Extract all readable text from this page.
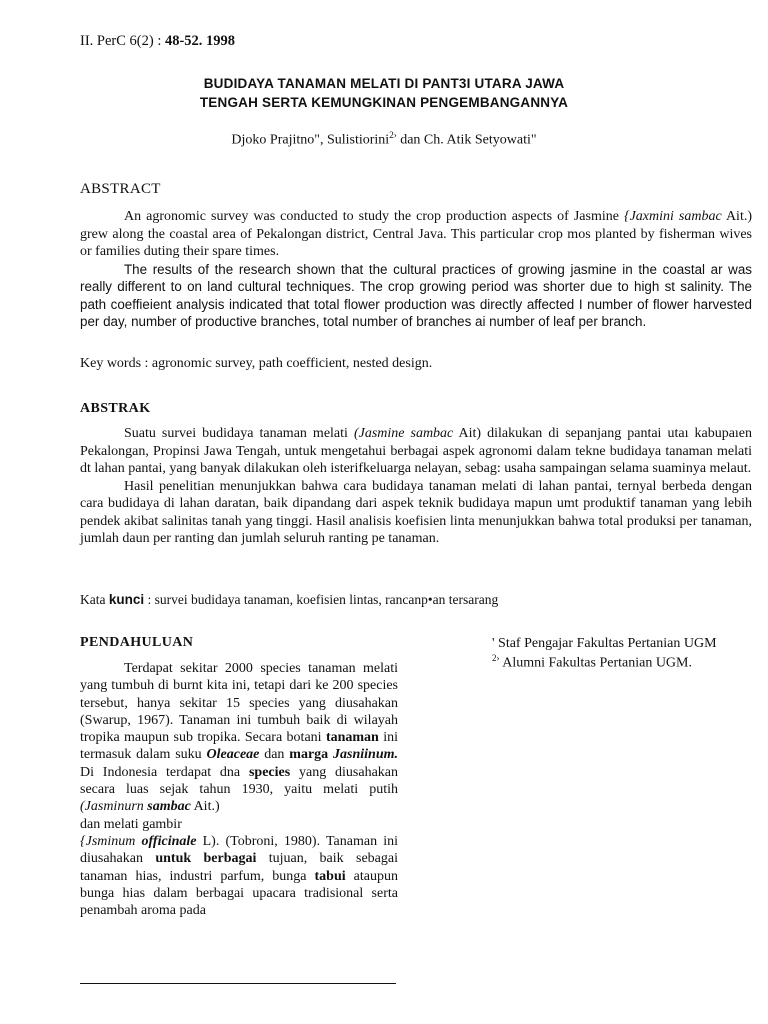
II. PerC 6(2) : 48-52. 1998
BUDIDAYA TANAMAN MELATI DI PANT3I UTARA JAWA
TENGAH SERTA KEMUNGKINAN PENGEMBANGANNYA
Djoko Prajitno", Sulistiorini$^{2›}$ dan Ch. Atik Setyowati"
ABSTRACT

An agronomic survey was conducted to study the crop production aspects of Jasmine {Jaxmini sambac Ait.) grew along the coastal area of Pekalongan district, Central Java. This particular crop mos planted by fisherman wives or families duting their spare times.

The results of the research shown that the cultural practices of growing jasmine in the coastal ar was really different to on land cultural techniques. The crop growing period was shorter due to high st salinity. The path coeffieient analysis indicated that total flower production was directly affected I number of flower harvested per day, number of productive branches, total number of branches ai number of leaf per branch.

Key words : agronomic survey, path coefficient, nested design.
ABSTRAK

Suatu survei budidaya tanaman melati (Jasmine sambac Ait) dilakukan di sepanjang pantai utaı kabupaıen Pekalongan, Propinsi Jawa Tengah, untuk mengetahui berbagai aspek agronomi dalam tekne budidaya tanaman melati dt lahan pantai, yang banyak dilakukan oleh isterifkeluarga nelayan, sebag: usaha sampaingan selama suaminya melaut.

Hasil penelitian menunjukkan bahwa cara budidaya tanaman melati di lahan pantai, ternyal berbeda dengan cara budidaya di lahan daratan, baik dipandang dari aspek teknik budidaya mapun umt produktif tanaman yang lebih pendek akibat salinitas tanah yang tinggi. Hasil analisis koefisien linta menunjukkan bahwa total produksi per tanaman, jumlah daun per ranting dan jumlah seluruh ranting pe tanaman.

Kata kunci : survei budidaya tanaman, koefisien lintas, rancanp•an tersarang
PENDAHULUAN

Terdapat sekitar 2000 species tanaman melati yang tumbuh di burnt kita ini, tetapi dari ke 200 species tersebut, hanya sekitar 15 species yang diusahakan (Swarup, 1967). Tanaman ini tumbuh baik di wilayah tropika maupun sub tropika. Secara botani tanaman ini termasuk dalam suku Oleaceae dan marga Jasniinum. Di Indonesia terdapat dna species yang diusahakan secara luas sejak tahun 1930, yaitu melati putih (Jasminurn sambac Ait.)
dan melati gambir
{Jsminum officinale L). (Tobroni, 1980). Tanaman ini diusahakan untuk berbagai tujuan, baik sebagai tanaman hias, industri parfum, bunga tabui ataupun bunga hias dalam berbagai upacara tradisional serta penambah aroma pada

' Staf Pengajar Fakultas Pertanian UGM
$^{2›}$ Alumni Fakultas Pertanian UGM.
